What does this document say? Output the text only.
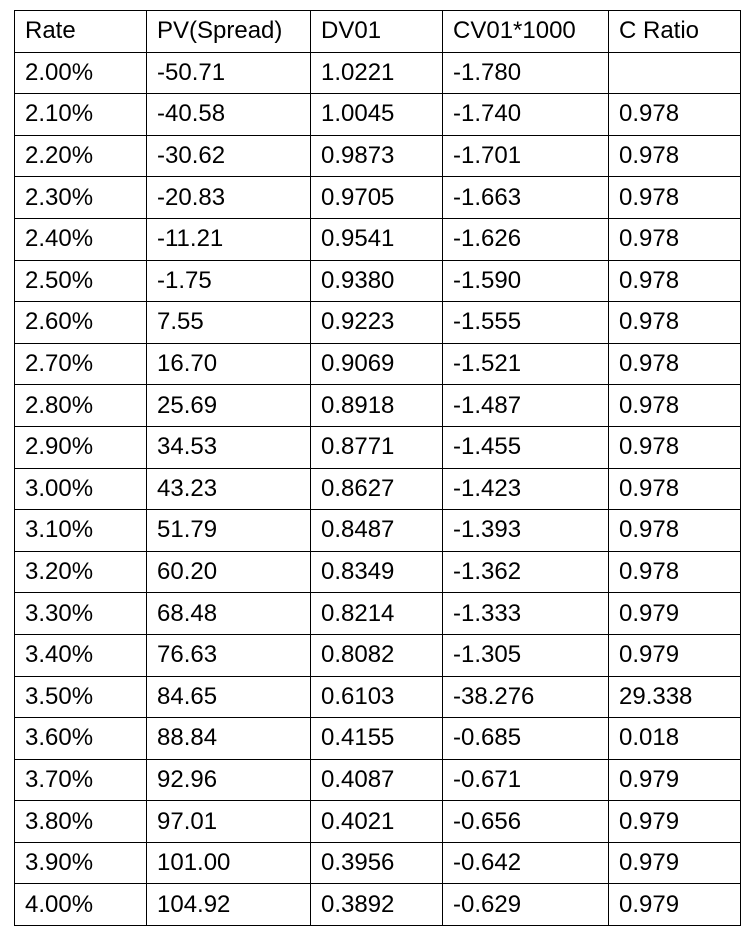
Rate	PV(Spread)	DV01	CV01*1000	C Ratio
2.00%	-50.71	1.0221	-1.780	
2.10%	-40.58	1.0045	-1.740	0.978
2.20%	-30.62	0.9873	-1.701	0.978
2.30%	-20.83	0.9705	-1.663	0.978
2.40%	-11.21	0.9541	-1.626	0.978
2.50%	-1.75	0.9380	-1.590	0.978
2.60%	7.55	0.9223	-1.555	0.978
2.70%	16.70	0.9069	-1.521	0.978
2.80%	25.69	0.8918	-1.487	0.978
2.90%	34.53	0.8771	-1.455	0.978
3.00%	43.23	0.8627	-1.423	0.978
3.10%	51.79	0.8487	-1.393	0.978
3.20%	60.20	0.8349	-1.362	0.978
3.30%	68.48	0.8214	-1.333	0.979
3.40%	76.63	0.8082	-1.305	0.979
3.50%	84.65	0.6103	-38.276	29.338
3.60%	88.84	0.4155	-0.685	0.018
3.70%	92.96	0.4087	-0.671	0.979
3.80%	97.01	0.4021	-0.656	0.979
3.90%	101.00	0.3956	-0.642	0.979
4.00%	104.92	0.3892	-0.629	0.979
